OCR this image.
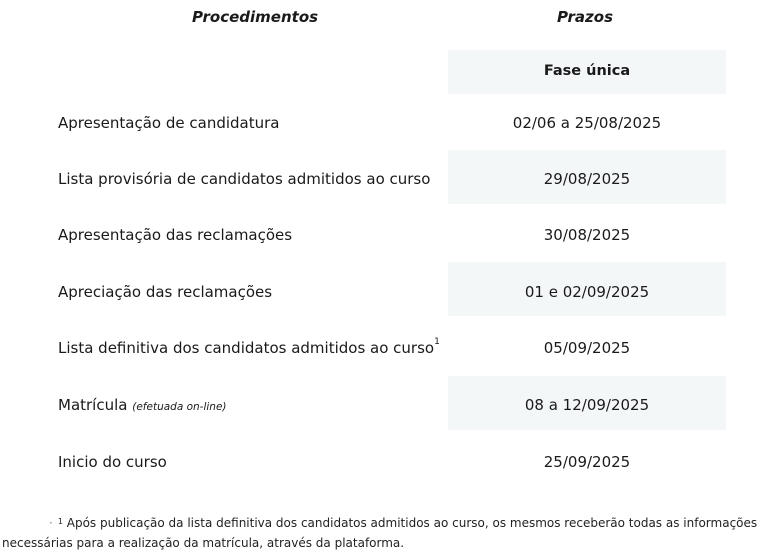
Procedimentos	Prazos
Fase única
Apresentação de candidatura	02/06 a 25/08/2025
Lista provisória de candidatos admitidos ao curso	29/08/2025
Apresentação das reclamações	30/08/2025
Apreciação das reclamações	01 e 02/09/2025
Lista definitiva dos candidatos admitidos ao curso$^1$	05/09/2025
Matrícula (efetuada on-line)	08 a 12/09/2025
Inicio do curso	25/09/2025
· $^1$ Após publicação da lista definitiva dos candidatos admitidos ao curso, os mesmos receberão todas as informações necessárias para a realização da matrícula, através da plataforma.
